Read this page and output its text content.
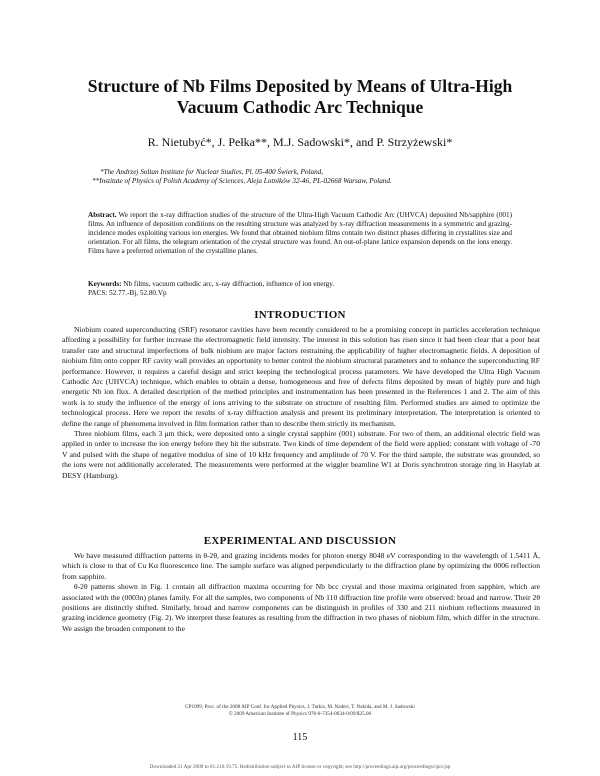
Structure of Nb Films Deposited by Means of Ultra-High
Vacuum Cathodic Arc Technique
R. Nietubyć*, J. Pełka**, M.J. Sadowski*, and P. Strzyżewski*
*The Andrzej Soltan Institute for Nuclear Studies, Pl. 05-400 Świerk, Poland,
**Institute of Physics of Polish Academy of Sciences, Aleja Lotników 32-46, PL-02668 Warsaw, Poland.
Abstract. We report the x-ray diffraction studies of the structure of the Ultra-High Vacuum Cathodic Arc (UHVCA) deposited Nb/sapphire (001) films. An influence of deposition conditions on the resulting structure was analyzed by x-ray diffraction measurements in a symmetric and grazing-incidence modes exploiting various ion energies. We found that obtained niobium films contain two distinct phases differing in crystallites size and orientation. For all films, the telegram orientation of the crystal structure was found. An out-of-plane lattice expansion depends on the ions energy. Films have a preferred orientation of the crystalline planes.
Keywords: Nb films, vacuum cathodic arc, x-ray diffraction, influence of ion energy.
PACS: 52.77.-Bj, 52.80.Vp
INTRODUCTION

Niobium coated superconducting (SRF) resonator cavities have been recently considered to be a promising concept in particles acceleration technique affording a possibility for further increase the electromagnetic field intensity. The interest in this solution has risen since it had been clear that a poor heat transfer rate and structural imperfections of bulk niobium are major factors restraining the applicability of higher electromagnetic fields. A deposition of niobium film onto copper RF cavity wall provides an opportunity to better control the niobium structural parameters and to enhance the superconducting RF performance. However, it requires a careful design and strict keeping the technological process parameters. We have developed the Ultra High Vacuum Cathodic Arc (UHVCA) technique, which enables to obtain a dense, homogeneous and free of defects films deposited by mean of highly pure and high energetic Nb ion flux. A detailed description of the method principles and instrumentation has been presented in the References 1 and 2. The aim of this work is to study the influence of the energy of ions arriving to the substrate on structure of resulting film. Performed studies are aimed to optimize the technological process. Here we report the results of x-ray diffraction analysis and present its preliminary interpretation. The interpretation is oriented to define the range of phenomena involved in film formation rather than to describe them strictly its mechanism.

Three niobium films, each 3 μm thick, were deposited onto a single crystal sapphire (001) substrate. For two of them, an additional electric field was applied in order to increase the ion energy before they hit the substrate. Two kinds of time dependent of the field were applied: constant with voltage of -70 V and pulsed with the shape of negative modulus of sine of 10 kHz frequency and amplitude of 70 V. For the third sample, the substrate was grounded, so the ions were not additionally accelerated. The measurements were performed at the wiggler beamline W1 at Doris synchrotron storage ring in Hasylab at DESY (Hamburg).

EXPERIMENTAL AND DISCUSSION

We have measured diffraction patterns in θ-2θ, and grazing incidents modes for photon energy 8048 eV corresponding to the wavelength of 1.5411 Å, which is close to that of Cu Kα fluorescence line. The sample surface was aligned perpendicularly to the diffraction plane by optimizing the 0006 reflection from sapphire.

θ-2θ patterns shown in Fig. 1 contain all diffraction maxima occurring for Nb bcc crystal and those maxima originated from sapphire, which are associated with the (0003n) planes family. For all the samples, two components of Nb 110 diffraction line profile were observed: broad and narrow. Their 2θ positions are distinctly shifted. Similarly, broad and narrow components can be distinguish in profiles of 330 and 211 niobium reflections measured in grazing incidence geometry (Fig. 2). We interpret these features as resulting from the diffraction in two phases of niobium film, which differ in the structure. We assign the broaden component to the

CP1099, Proc. of the 2008 AIP Conf. for Applied Physics, J. Tutkis, M. Naderi, T. Nakida, and M. J. Sadowski
© 2009 American Institute of Physics 978-0-7354-0634-0/09/$25.00
115
Downloaded 21 Apr 2009 to 81.210.19.75. Redistribution subject to AIP license or copyright; see http://proceedings.aip.org/proceedings/cpcr.jsp
